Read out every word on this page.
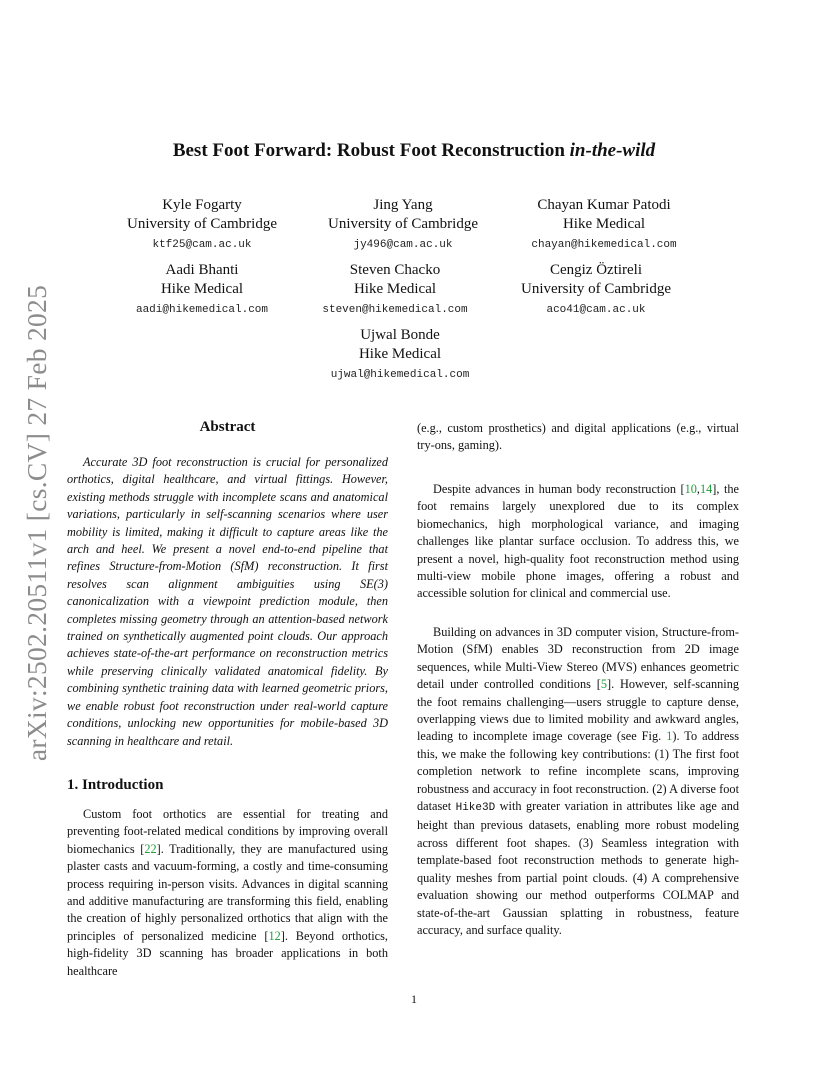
arXiv:2502.20511v1 [cs.CV] 27 Feb 2025
Best Foot Forward: Robust Foot Reconstruction in-the-wild
Kyle Fogarty
University of Cambridge
ktf25@cam.ac.uk
Jing Yang
University of Cambridge
jy496@cam.ac.uk
Chayan Kumar Patodi
Hike Medical
chayan@hikemedical.com
Aadi Bhanti
Hike Medical
aadi@hikemedical.com
Steven Chacko
Hike Medical
steven@hikemedical.com
Cengiz Öztireli
University of Cambridge
aco41@cam.ac.uk
Ujwal Bonde
Hike Medical
ujwal@hikemedical.com
Abstract

Accurate 3D foot reconstruction is crucial for personalized orthotics, digital healthcare, and virtual fittings. However, existing methods struggle with incomplete scans and anatomical variations, particularly in self-scanning scenarios where user mobility is limited, making it difficult to capture areas like the arch and heel. We present a novel end-to-end pipeline that refines Structure-from-Motion (SfM) reconstruction. It first resolves scan alignment ambiguities using SE(3) canonicalization with a viewpoint prediction module, then completes missing geometry through an attention-based network trained on synthetically augmented point clouds. Our approach achieves state-of-the-art performance on reconstruction metrics while preserving clinically validated anatomical fidelity. By combining synthetic training data with learned geometric priors, we enable robust foot reconstruction under real-world capture conditions, unlocking new opportunities for mobile-based 3D scanning in healthcare and retail.

1. Introduction

Custom foot orthotics are essential for treating and preventing foot-related medical conditions by improving overall biomechanics [22]. Traditionally, they are manufactured using plaster casts and vacuum-forming, a costly and time-consuming process requiring in-person visits. Advances in digital scanning and additive manufacturing are transforming this field, enabling the creation of highly personalized orthotics that align with the principles of personalized medicine [12]. Beyond orthotics, high-fidelity 3D scanning has broader applications in both healthcare

(e.g., custom prosthetics) and digital applications (e.g., virtual try-ons, gaming).

Despite advances in human body reconstruction [10,14], the foot remains largely unexplored due to its complex biomechanics, high morphological variance, and imaging challenges like plantar surface occlusion. To address this, we present a novel, high-quality foot reconstruction method using multi-view mobile phone images, offering a robust and accessible solution for clinical and commercial use.

Building on advances in 3D computer vision, Structure-from-Motion (SfM) enables 3D reconstruction from 2D image sequences, while Multi-View Stereo (MVS) enhances geometric detail under controlled conditions [5]. However, self-scanning the foot remains challenging—users struggle to capture dense, overlapping views due to limited mobility and awkward angles, leading to incomplete image coverage (see Fig. 1). To address this, we make the following key contributions: (1) The first foot completion network to refine incomplete scans, improving robustness and accuracy in foot reconstruction. (2) A diverse foot dataset Hike3D with greater variation in attributes like age and height than previous datasets, enabling more robust modeling across different foot shapes. (3) Seamless integration with template-based foot reconstruction methods to generate high-quality meshes from partial point clouds. (4) A comprehensive evaluation showing our method outperforms COLMAP and state-of-the-art Gaussian splatting in robustness, feature accuracy, and surface quality.

1
